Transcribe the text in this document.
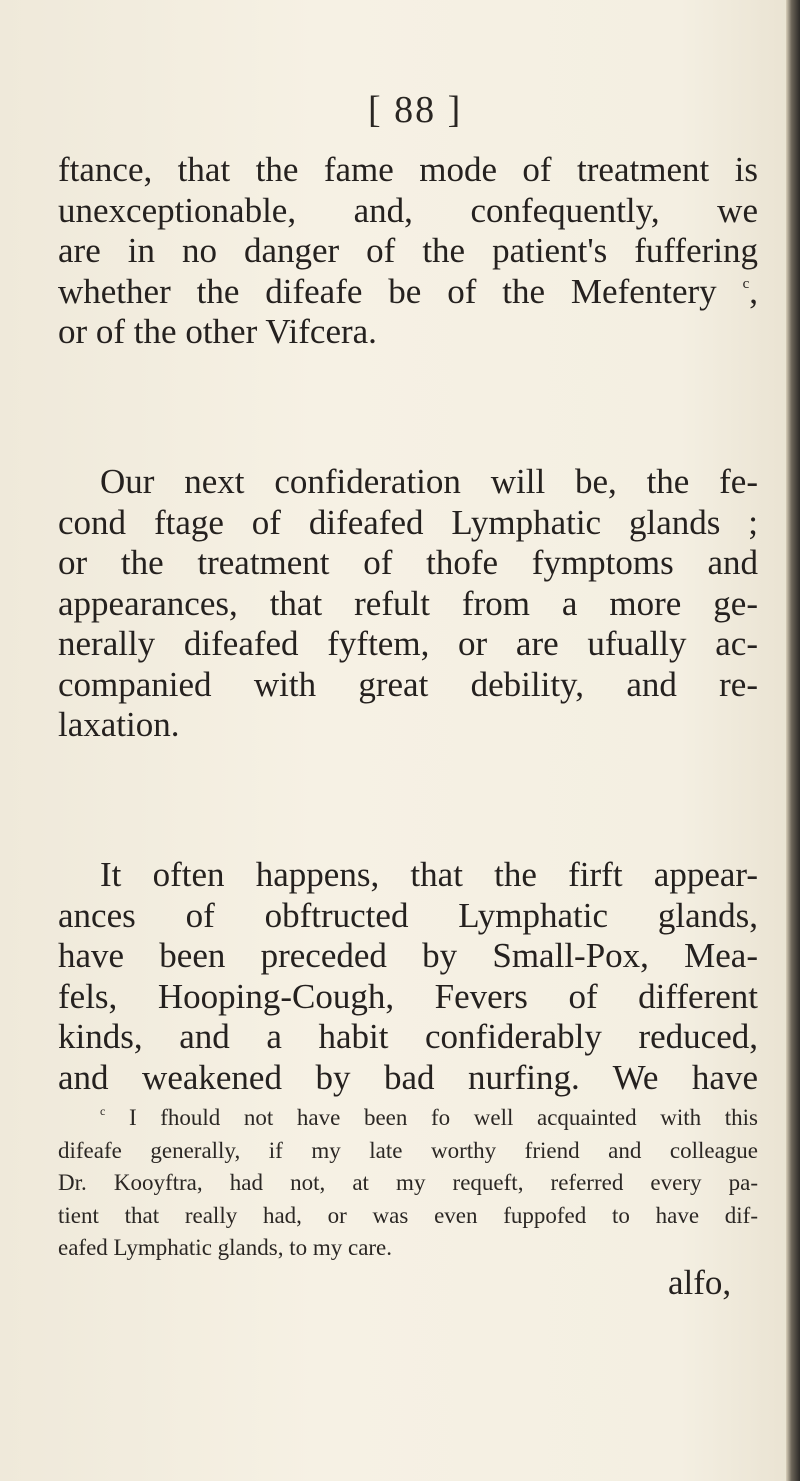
[ 88 ]

ftance, that the fame mode of treatment is
unexceptionable, and, confequently, we
are in no danger of the patient's fuffering
whether the difeafe be of the Mefentery $^c$,
or of the other Vifcera.

Our next confideration will be, the fe-
cond ftage of difeafed Lymphatic glands ;
or the treatment of thofe fymptoms and
appearances, that refult from a more ge-
nerally difeafed fyftem, or are ufually ac-
companied with great debility, and re-
laxation.

It often happens, that the firft appear-
ances of obftructed Lymphatic glands,
have been preceded by Small-Pox, Mea-
fels, Hooping-Cough, Fevers of different
kinds, and a habit confiderably reduced,
and weakened by bad nurfing. We have

$^c$ I fhould not have been fo well acquainted with this
difeafe generally, if my late worthy friend and colleague
Dr. Kooyftra, had not, at my requeft, referred every pa-
tient that really had, or was even fuppofed to have dif-
eafed Lymphatic glands, to my care.

alfo,
